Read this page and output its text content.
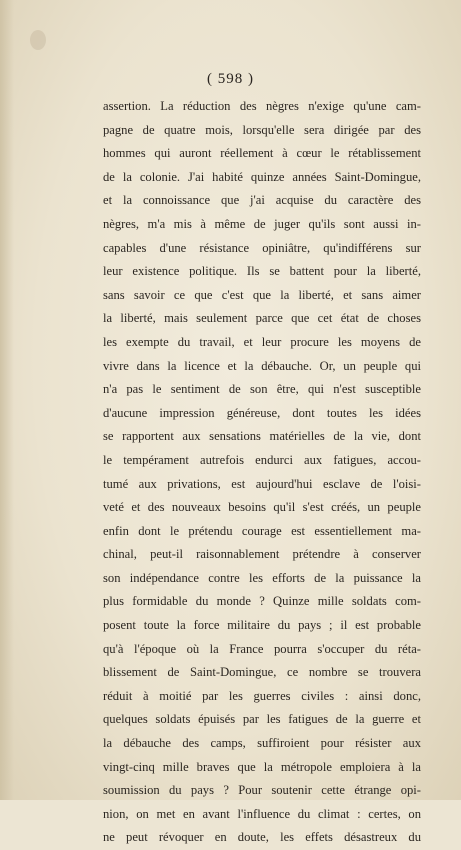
( 598 )
assertion. La réduction des nègres n'exige qu'une cam-
pagne de quatre mois, lorsqu'elle sera dirigée par des
hommes qui auront réellement à cœur le rétablissement
de la colonie. J'ai habité quinze années Saint-Domingue,
et la connoissance que j'ai acquise du caractère des
nègres, m'a mis à même de juger qu'ils sont aussi in-
capables d'une résistance opiniâtre, qu'indifférens sur
leur existence politique. Ils se battent pour la liberté,
sans savoir ce que c'est que la liberté, et sans aimer
la liberté, mais seulement parce que cet état de choses
les exempte du travail, et leur procure les moyens de
vivre dans la licence et la débauche. Or, un peuple qui
n'a pas le sentiment de son être, qui n'est susceptible
d'aucune impression généreuse, dont toutes les idées
se rapportent aux sensations matérielles de la vie, dont
le tempérament autrefois endurci aux fatigues, accou-
tumé aux privations, est aujourd'hui esclave de l'oisi-
veté et des nouveaux besoins qu'il s'est créés, un peuple
enfin dont le prétendu courage est essentiellement ma-
chinal, peut-il raisonnablement prétendre à conserver
son indépendance contre les efforts de la puissance la
plus formidable du monde ? Quinze mille soldats com-
posent toute la force militaire du pays ; il est probable
qu'à l'époque où la France pourra s'occuper du réta-
blissement de Saint-Domingue, ce nombre se trouvera
réduit à moitié par les guerres civiles : ainsi donc,
quelques soldats épuisés par les fatigues de la guerre et
la débauche des camps, suffiroient pour résister aux
vingt-cinq mille braves que la métropole emploiera à la
soumission du pays ? Pour soutenir cette étrange opi-
nion, on met en avant l'influence du climat : certes, on
ne peut révoquer en doute, les effets désastreux du
